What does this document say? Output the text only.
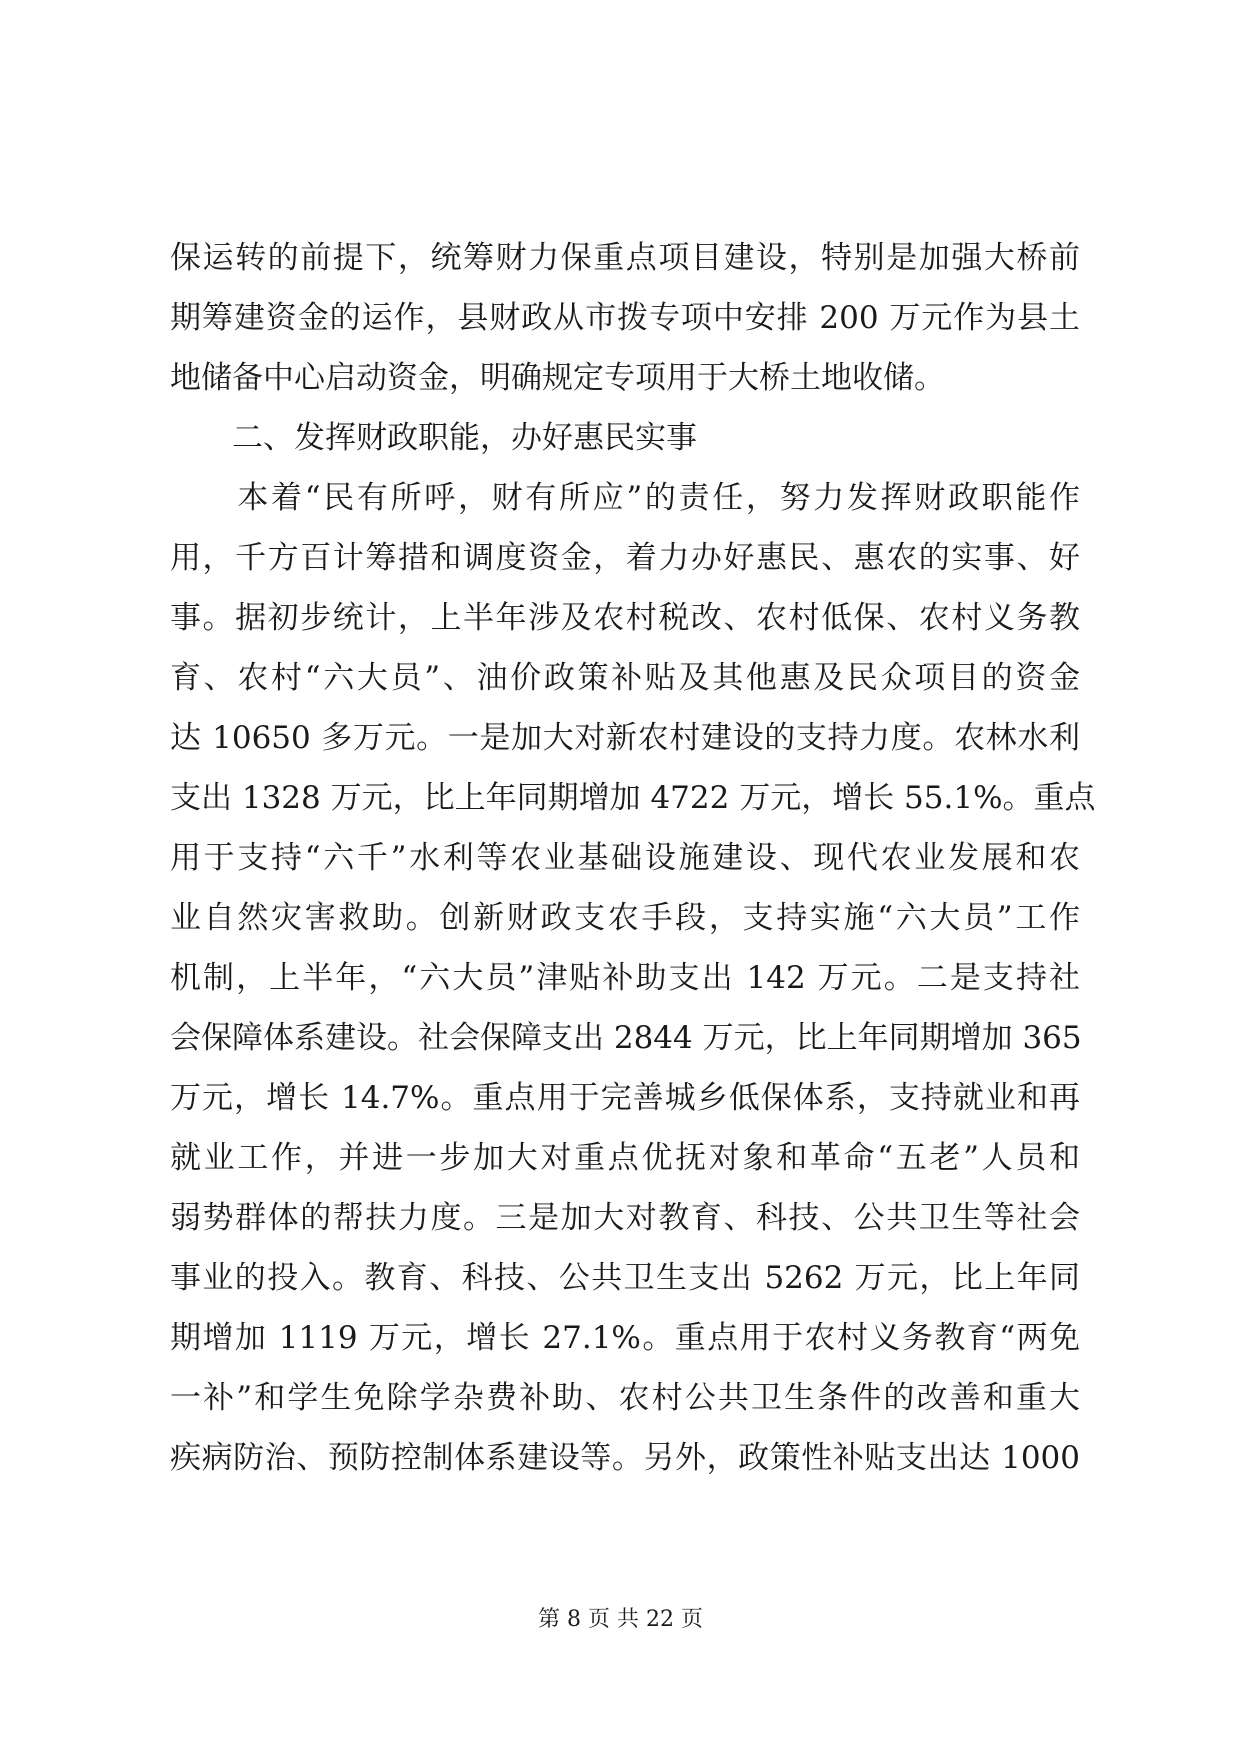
保运转的前提下，统筹财力保重点项目建设，特别是加强大桥前
期筹建资金的运作，县财政从市拨专项中安排 200 万元作为县土
地储备中心启动资金，明确规定专项用于大桥土地收储。
　　二、发挥财政职能，办好惠民实事
　　本着“民有所呼，财有所应”的责任，努力发挥财政职能作
用，千方百计筹措和调度资金，着力办好惠民、惠农的实事、好
事。据初步统计，上半年涉及农村税改、农村低保、农村义务教
育、农村“六大员”、油价政策补贴及其他惠及民众项目的资金
达 10650 多万元。一是加大对新农村建设的支持力度。农林水利
支出 1328 万元，比上年同期增加 4722 万元，增长 55.1%。重点
用于支持“六千”水利等农业基础设施建设、现代农业发展和农
业自然灾害救助。创新财政支农手段，支持实施“六大员”工作
机制，上半年，“六大员”津贴补助支出 142 万元。二是支持社
会保障体系建设。社会保障支出 2844 万元，比上年同期增加 365
万元，增长 14.7%。重点用于完善城乡低保体系，支持就业和再
就业工作，并进一步加大对重点优抚对象和革命“五老”人员和
弱势群体的帮扶力度。三是加大对教育、科技、公共卫生等社会
事业的投入。教育、科技、公共卫生支出 5262 万元，比上年同
期增加 1119 万元，增长 27.1%。重点用于农村义务教育“两免
一补”和学生免除学杂费补助、农村公共卫生条件的改善和重大
疾病防治、预防控制体系建设等。另外，政策性补贴支出达 1000
第 8 页 共 22 页
